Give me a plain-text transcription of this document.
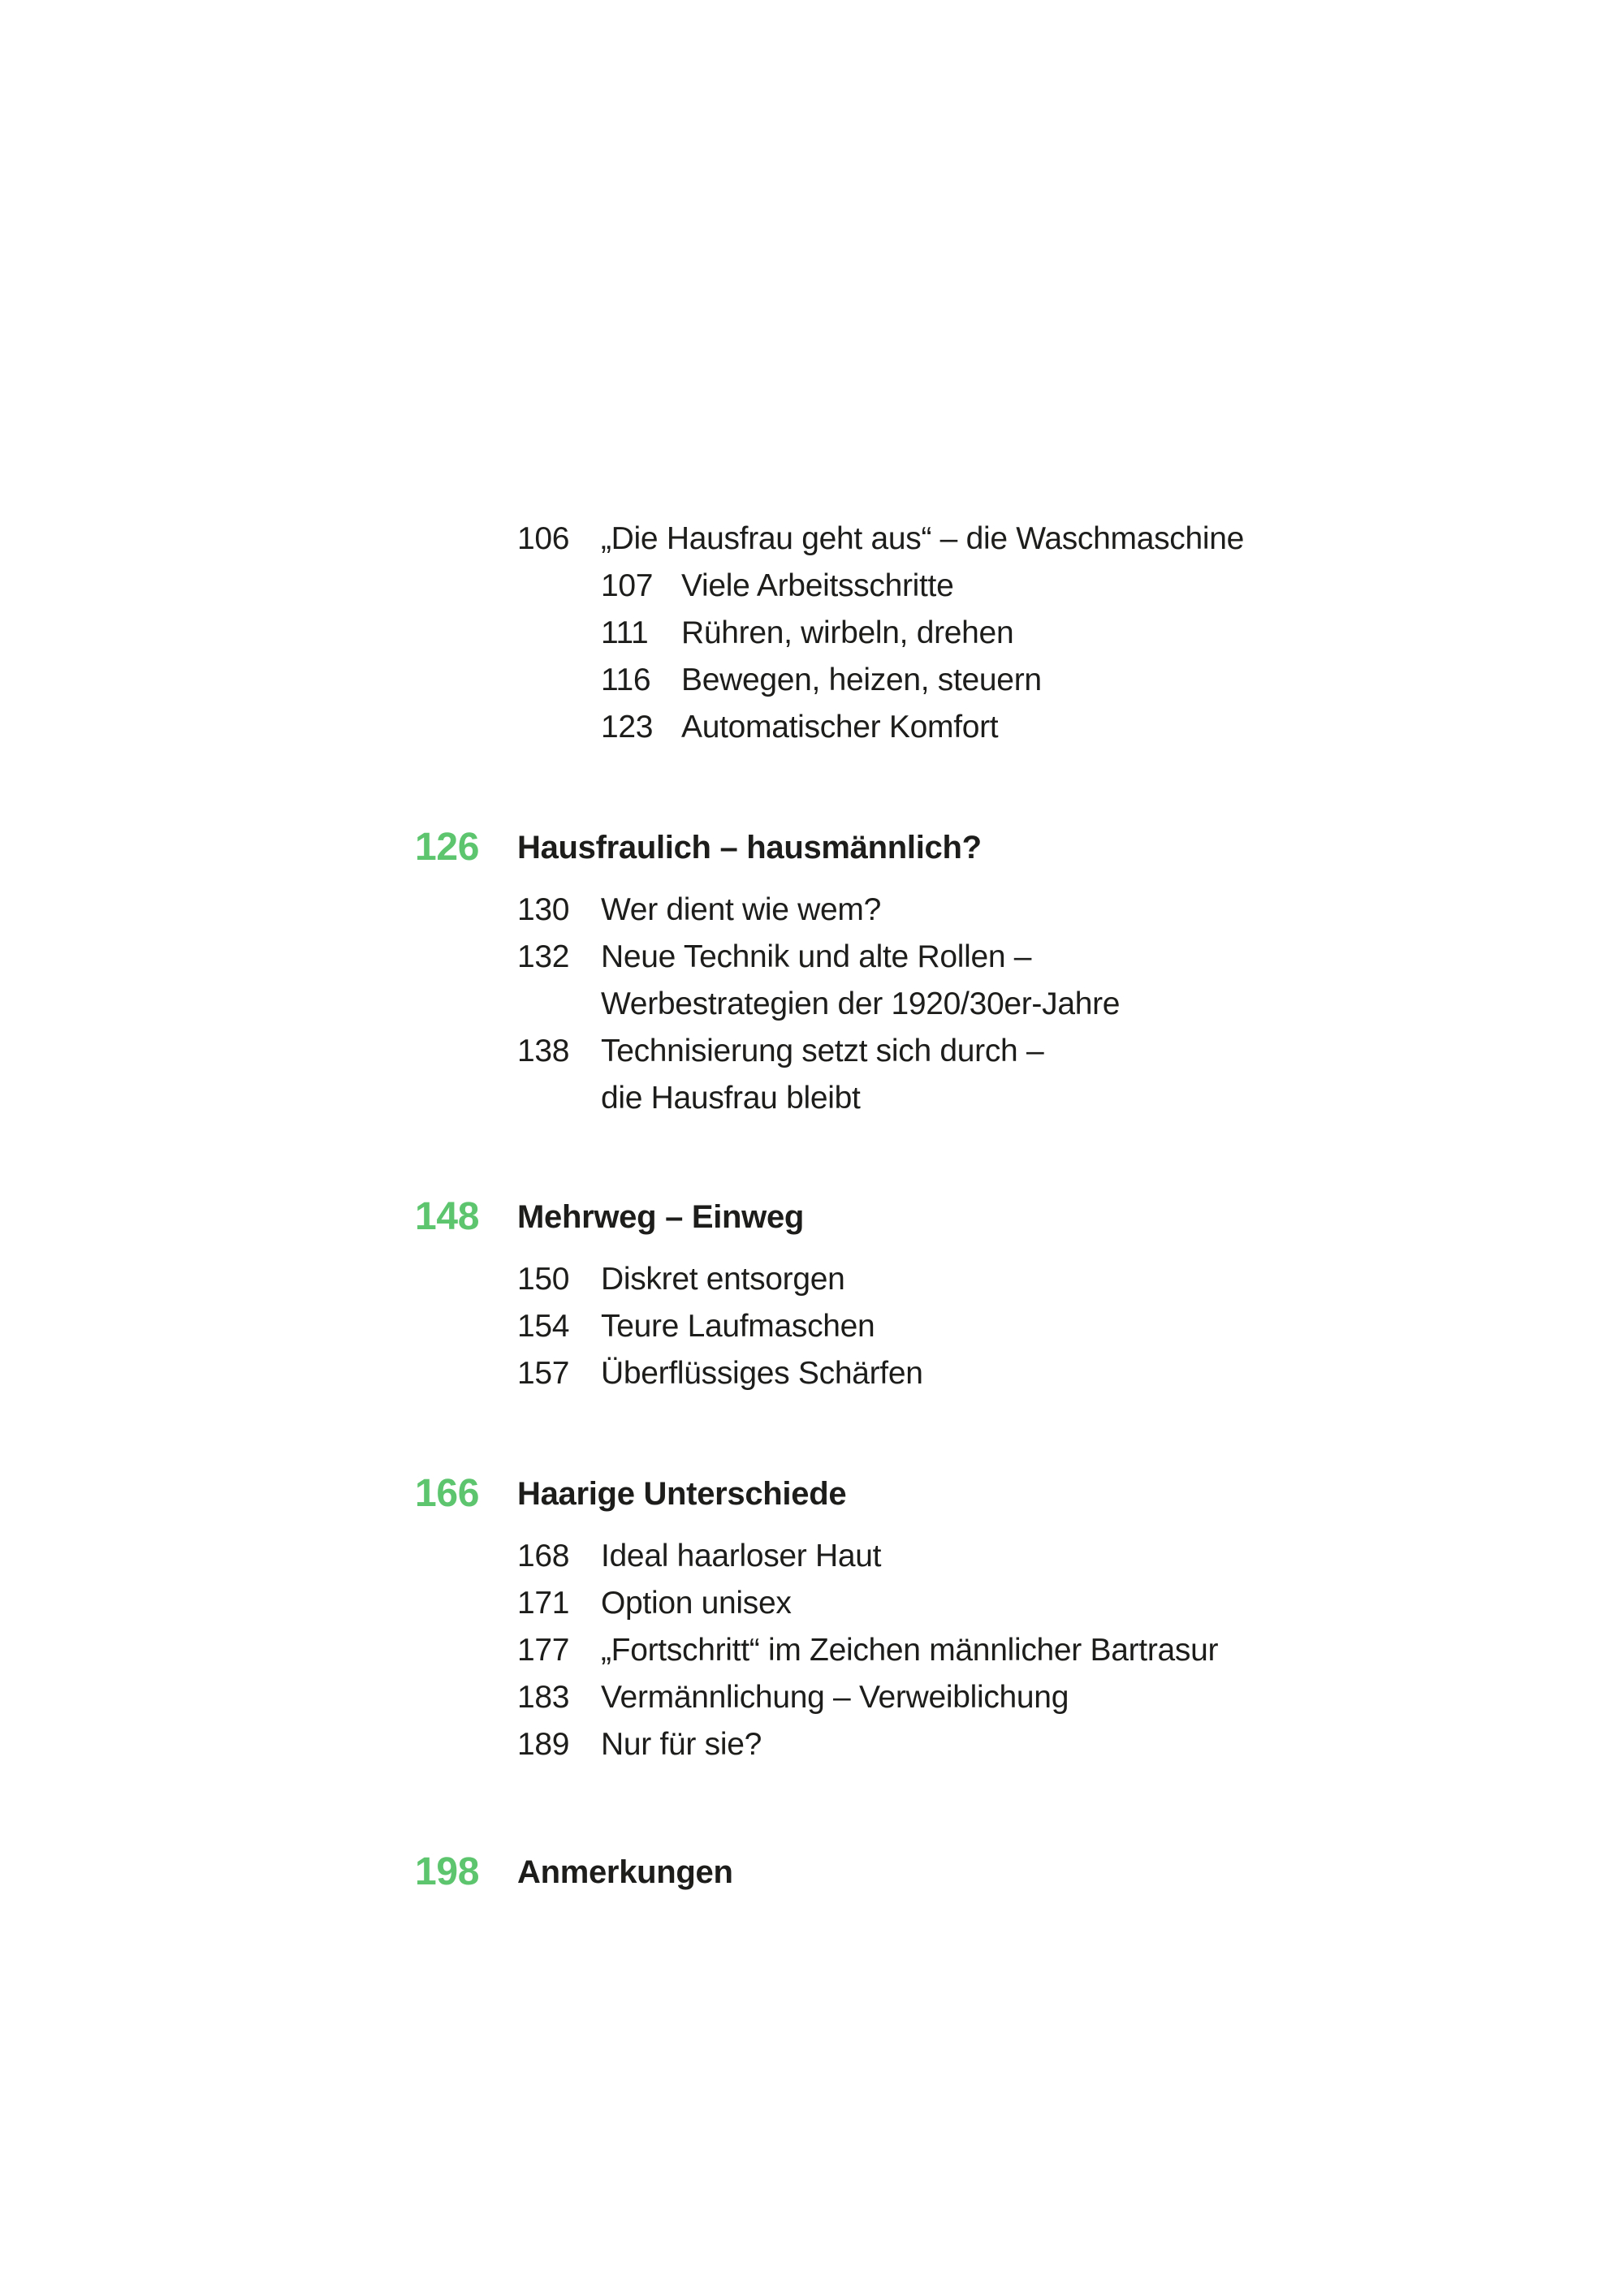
106 „Die Hausfrau geht aus“ – die Waschmaschine
107 Viele Arbeitsschritte
111 Rühren, wirbeln, drehen
116 Bewegen, heizen, steuern
123 Automatischer Komfort
126 Hausfraulich – hausmännlich?
130 Wer dient wie wem?
132 Neue Technik und alte Rollen –
Werbestrategien der 1920/30er-Jahre
138 Technisierung setzt sich durch –
die Hausfrau bleibt
148 Mehrweg – Einweg
150 Diskret entsorgen
154 Teure Laufmaschen
157 Überflüssiges Schärfen
166 Haarige Unterschiede
168 Ideal haarloser Haut
171 Option unisex
177 „Fortschritt“ im Zeichen männlicher Bartrasur
183 Vermännlichung – Verweiblichung
189 Nur für sie?
198 Anmerkungen
